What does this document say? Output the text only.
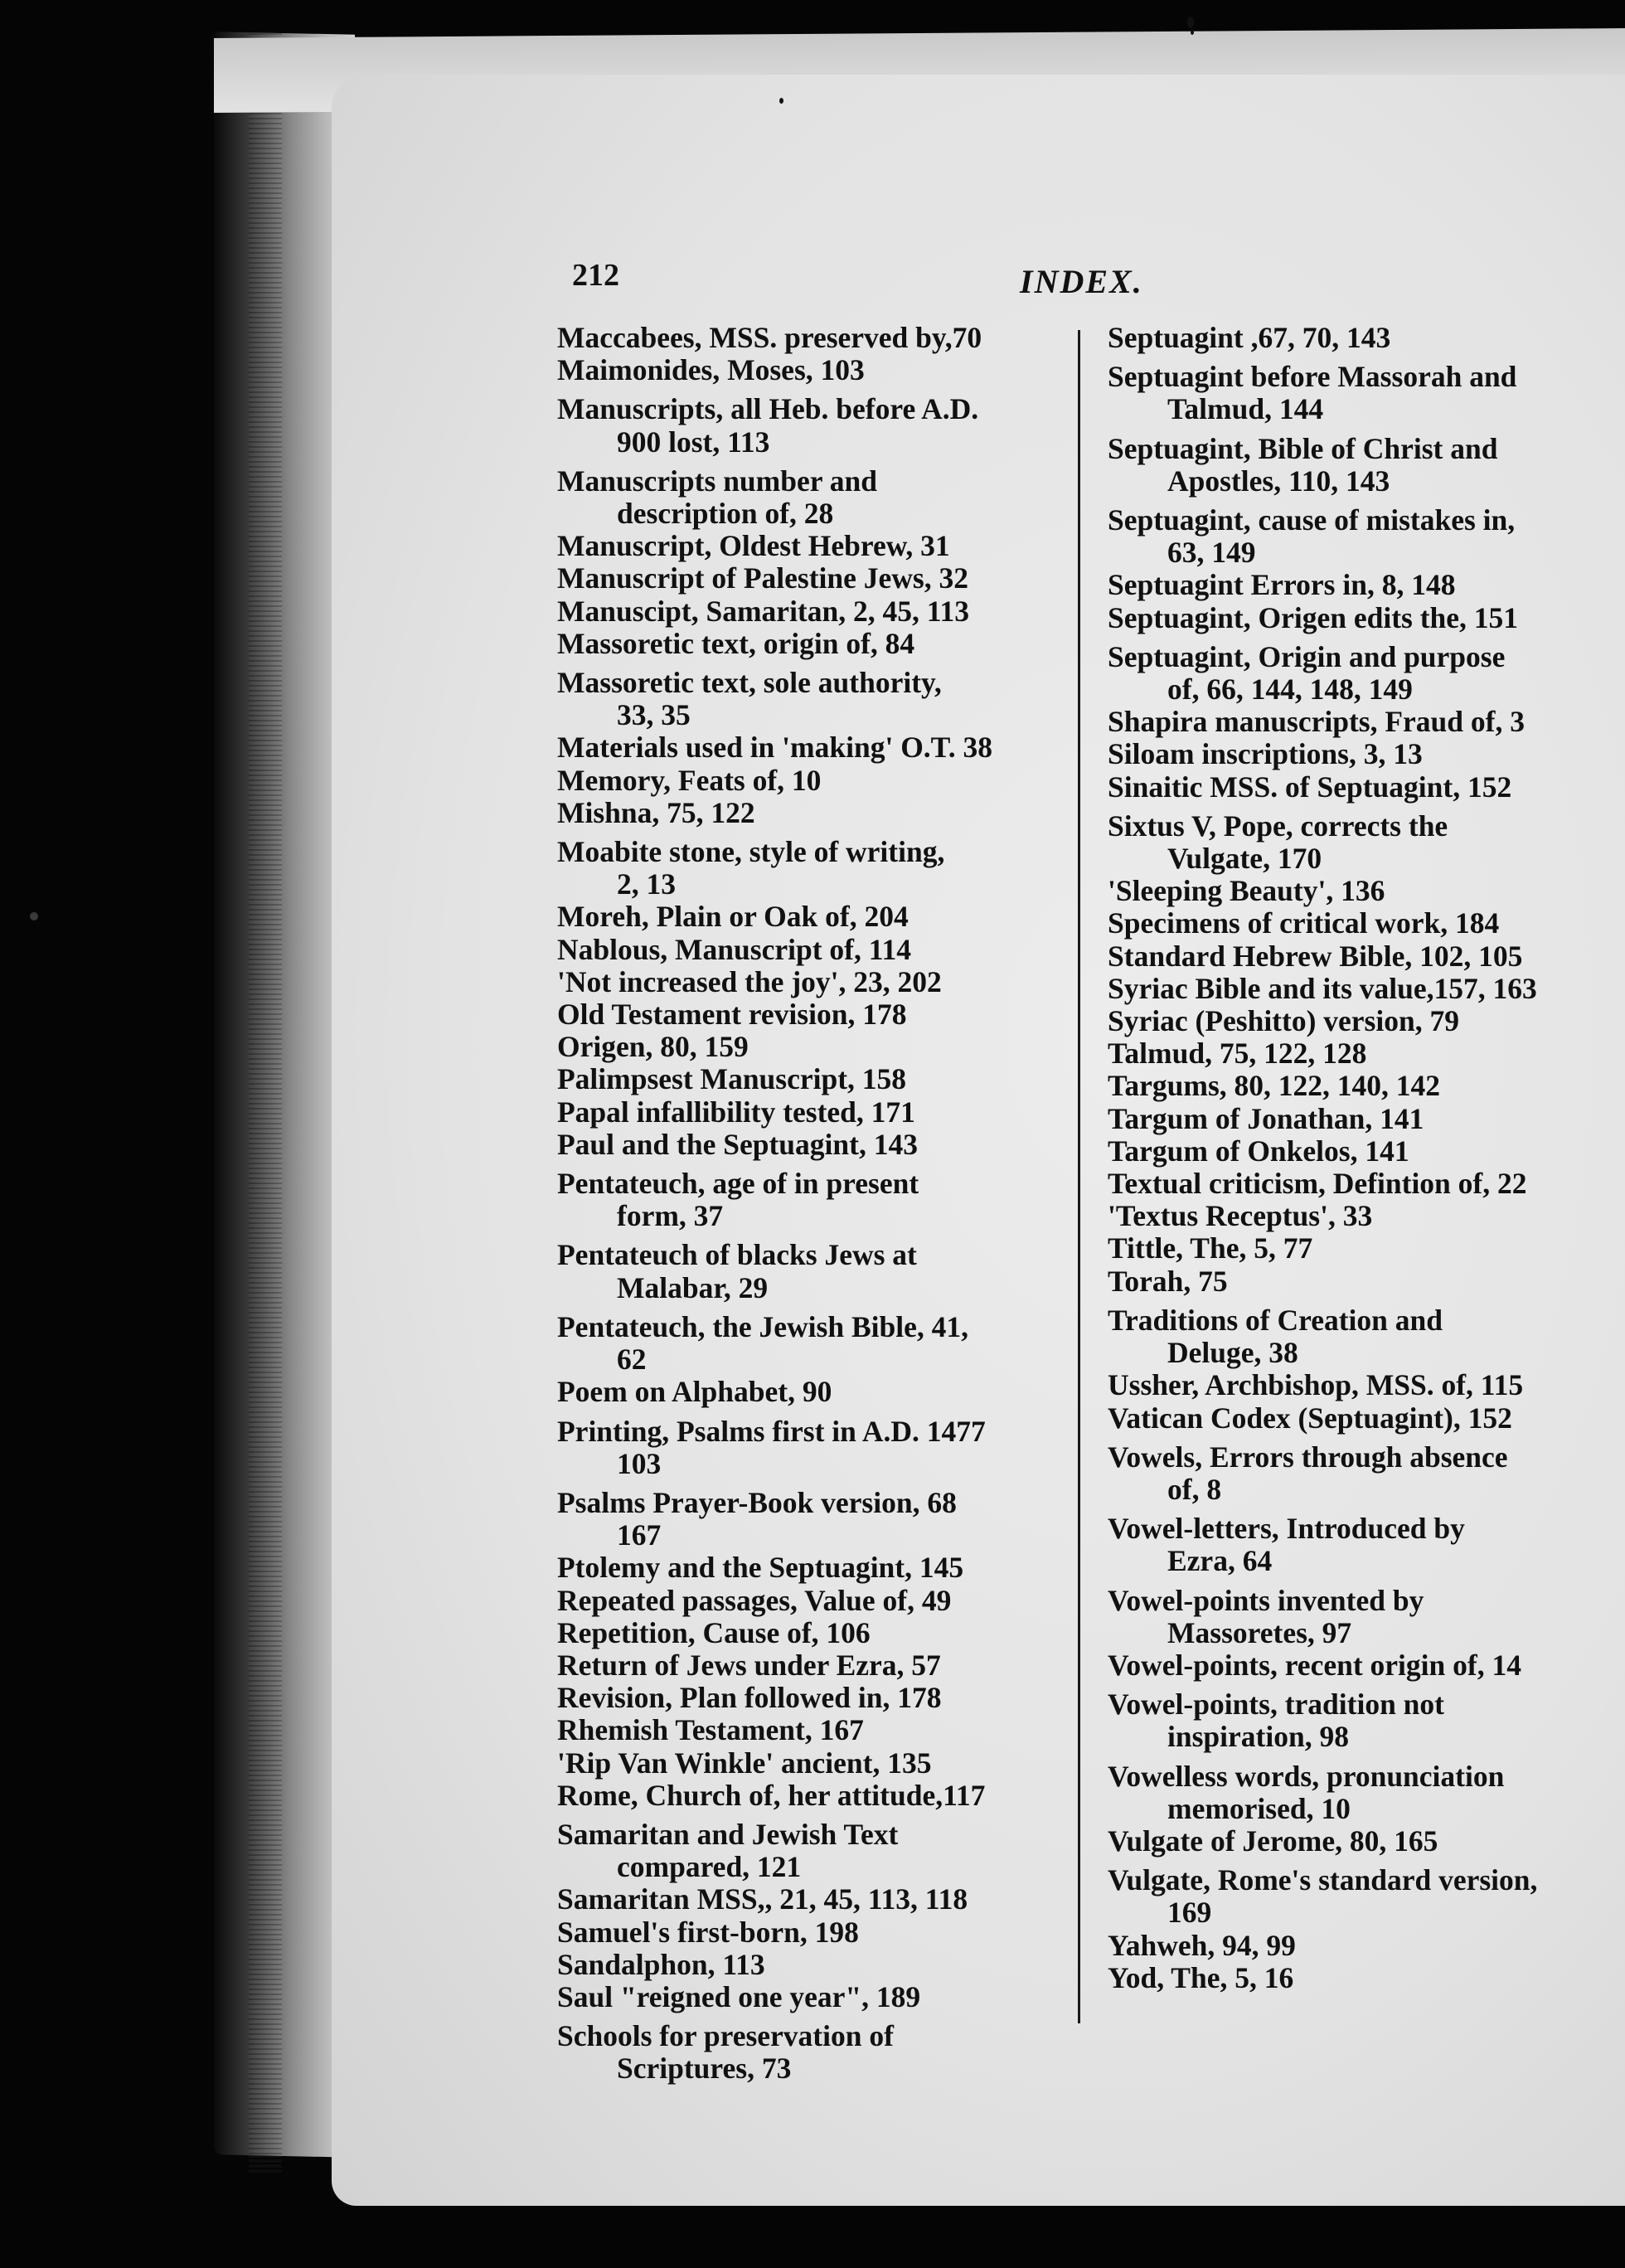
212	INDEX.
Maccabees, MSS. preserved by,70
Maimonides, Moses, 103
Manuscripts, all Heb. before A.D.
900 lost, 113
Manuscripts number and
description of, 28
Manuscript, Oldest Hebrew, 31
Manuscript of Palestine Jews, 32
Manuscipt, Samaritan, 2, 45, 113
Massoretic text, origin of, 84
Massoretic text, sole authority,
33, 35
Materials used in 'making' O.T. 38
Memory, Feats of, 10
Mishna, 75, 122
Moabite stone, style of writing,
2, 13
Moreh, Plain or Oak of, 204
Nablous, Manuscript of, 114
'Not increased the joy', 23, 202
Old Testament revision, 178
Origen, 80, 159
Palimpsest Manuscript, 158
Papal infallibility tested, 171
Paul and the Septuagint, 143
Pentateuch, age of in present
form, 37
Pentateuch of blacks Jews at
Malabar, 29
Pentateuch, the Jewish Bible, 41,
62
Poem on Alphabet, 90
Printing, Psalms first in A.D. 1477
103
Psalms Prayer-Book version, 68
167
Ptolemy and the Septuagint, 145
Repeated passages, Value of, 49
Repetition, Cause of, 106
Return of Jews under Ezra, 57
Revision, Plan followed in, 178
Rhemish Testament, 167
'Rip Van Winkle' ancient, 135
Rome, Church of, her attitude,117
Samaritan and Jewish Text
compared, 121
Samaritan MSS,, 21, 45, 113, 118
Samuel's first-born, 198
Sandalphon, 113
Saul "reigned one year", 189
Schools for preservation of
Scriptures, 73
Septuagint ,67, 70, 143
Septuagint before Massorah and
Talmud, 144
Septuagint, Bible of Christ and
Apostles, 110, 143
Septuagint, cause of mistakes in,
63, 149
Septuagint Errors in, 8, 148
Septuagint, Origen edits the, 151
Septuagint, Origin and purpose
of, 66, 144, 148, 149
Shapira manuscripts, Fraud of, 3
Siloam inscriptions, 3, 13
Sinaitic MSS. of Septuagint, 152
Sixtus V, Pope, corrects the
Vulgate, 170
'Sleeping Beauty', 136
Specimens of critical work, 184
Standard Hebrew Bible, 102, 105
Syriac Bible and its value,157, 163
Syriac (Peshitto) version, 79
Talmud, 75, 122, 128
Targums, 80, 122, 140, 142
Targum of Jonathan, 141
Targum of Onkelos, 141
Textual criticism, Defintion of, 22
'Textus Receptus', 33
Tittle, The, 5, 77
Torah, 75
Traditions of Creation and
Deluge, 38
Ussher, Archbishop, MSS. of, 115
Vatican Codex (Septuagint), 152
Vowels, Errors through absence
of, 8
Vowel-letters, Introduced by
Ezra, 64
Vowel-points invented by
Massoretes, 97
Vowel-points, recent origin of, 14
Vowel-points, tradition not
inspiration, 98
Vowelless words, pronunciation
memorised, 10
Vulgate of Jerome, 80, 165
Vulgate, Rome's standard version,
169
Yahweh, 94, 99
Yod, The, 5, 16
